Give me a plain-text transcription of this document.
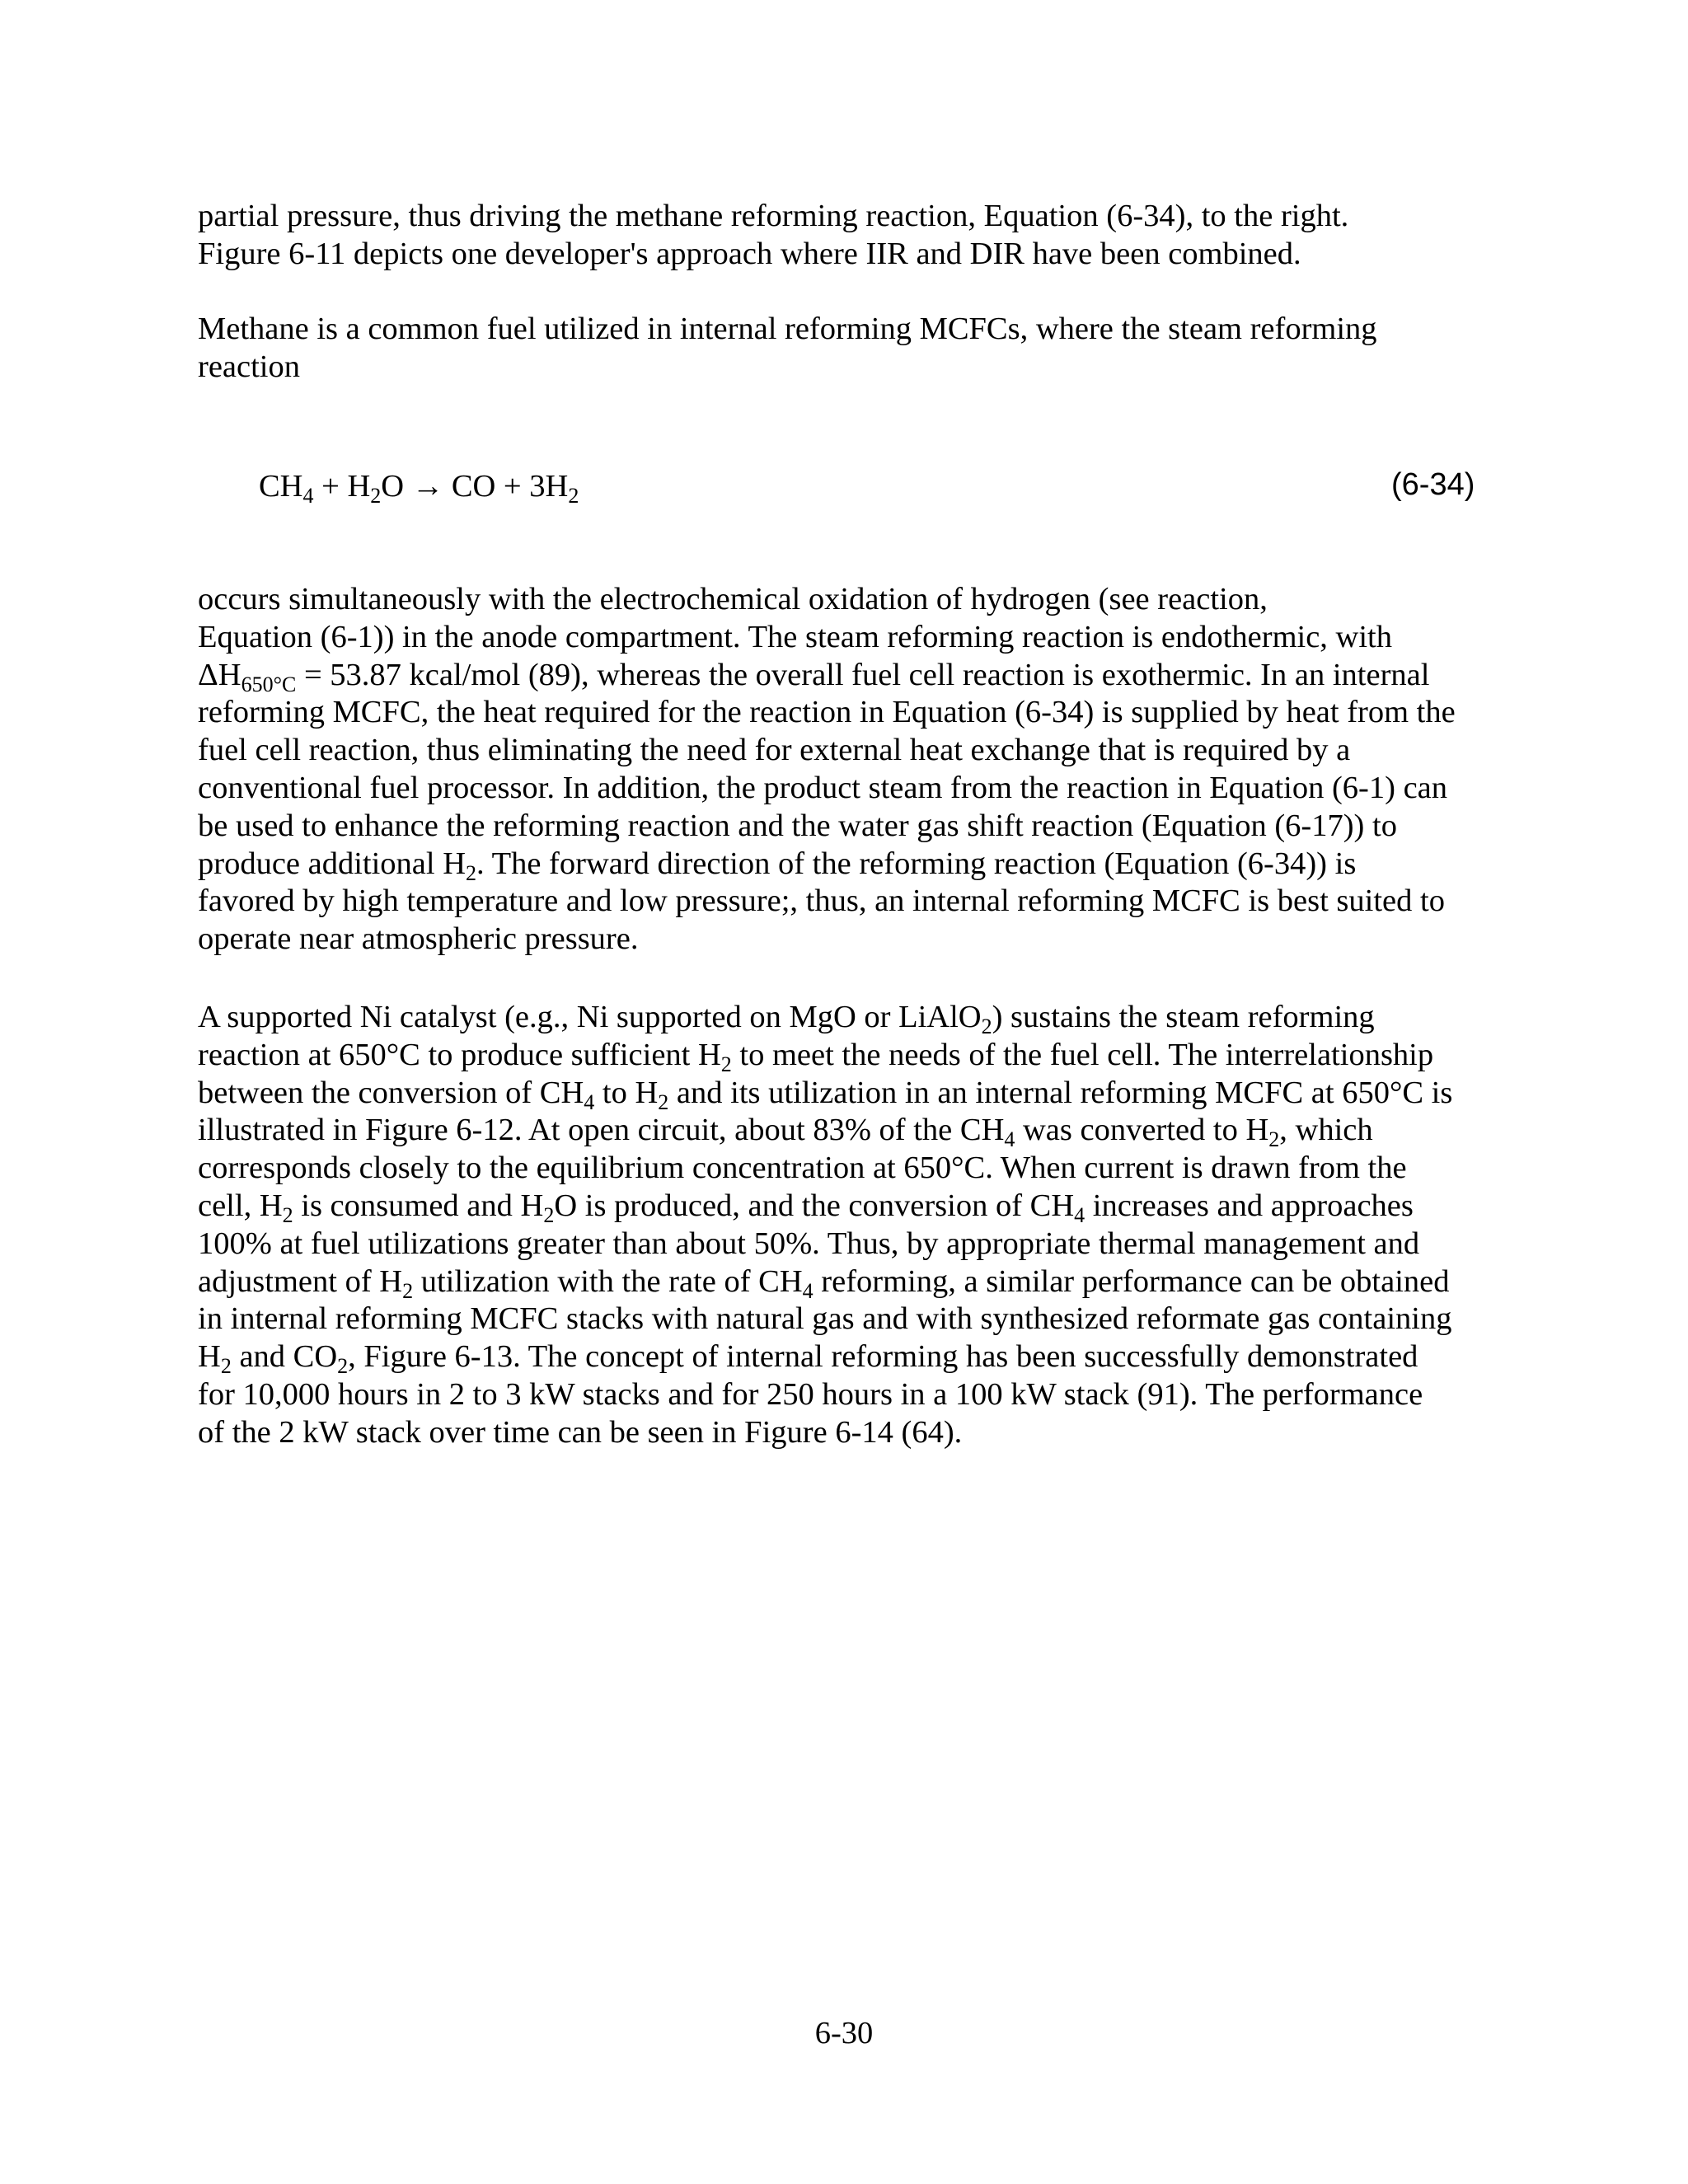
partial pressure, thus driving the methane reforming reaction, Equation (6-34), to the right.
Figure 6-11 depicts one developer's approach where IIR and DIR have been combined.
Methane is a common fuel utilized in internal reforming MCFCs, where the steam reforming
reaction
$CH_4 + H_2O$ → CO + $3H_2$	(6-34)
occurs simultaneously with the electrochemical oxidation of hydrogen (see reaction,
Equation (6-1)) in the anode compartment. The steam reforming reaction is endothermic, with
$\Delta H_{650^\circ C} = 53.87$ kcal/mol (89), whereas the overall fuel cell reaction is exothermic. In an internal
reforming MCFC, the heat required for the reaction in Equation (6-34) is supplied by heat from the
fuel cell reaction, thus eliminating the need for external heat exchange that is required by a
conventional fuel processor. In addition, the product steam from the reaction in Equation (6-1) can
be used to enhance the reforming reaction and the water gas shift reaction (Equation (6-17)) to
produce additional $H_2$. The forward direction of the reforming reaction (Equation (6-34)) is
favored by high temperature and low pressure;, thus, an internal reforming MCFC is best suited to
operate near atmospheric pressure.
A supported Ni catalyst (e.g., Ni supported on MgO or LiAlO$_2$) sustains the steam reforming
reaction at 650°C to produce sufficient $H_2$ to meet the needs of the fuel cell. The interrelationship
between the conversion of $CH_4$ to $H_2$ and its utilization in an internal reforming MCFC at 650°C is
illustrated in Figure 6-12. At open circuit, about 83% of the $CH_4$ was converted to $H_2$, which
corresponds closely to the equilibrium concentration at 650°C. When current is drawn from the
cell, $H_2$ is consumed and $H_2O$ is produced, and the conversion of $CH_4$ increases and approaches
100% at fuel utilizations greater than about 50%. Thus, by appropriate thermal management and
adjustment of $H_2$ utilization with the rate of $CH_4$ reforming, a similar performance can be obtained
in internal reforming MCFC stacks with natural gas and with synthesized reformate gas containing
$H_2$ and $CO_2$, Figure 6-13. The concept of internal reforming has been successfully demonstrated
for 10,000 hours in 2 to 3 kW stacks and for 250 hours in a 100 kW stack (91). The performance
of the 2 kW stack over time can be seen in Figure 6-14 (64).
6-30
